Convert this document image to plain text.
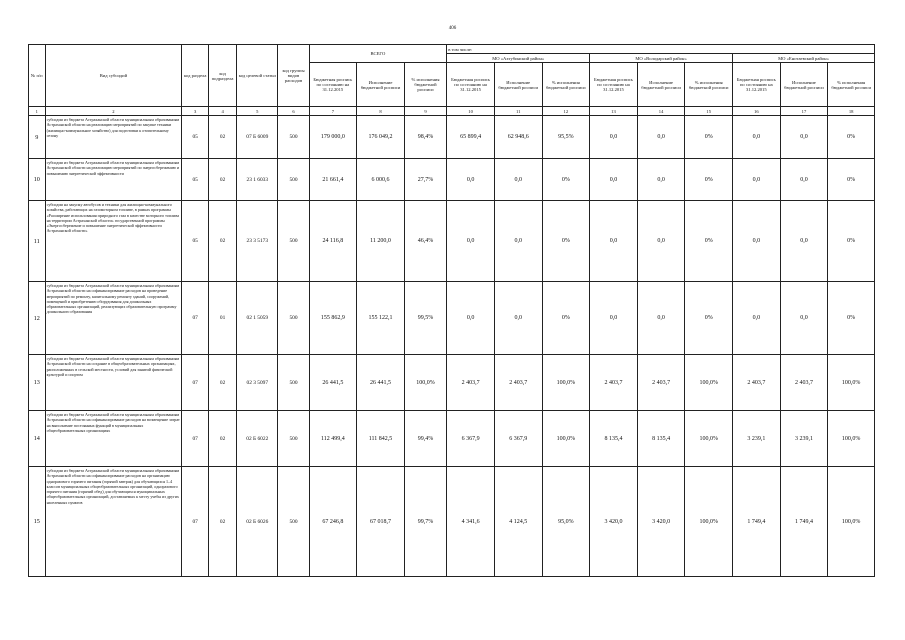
406
№ п/п	Вид субсидий	код раздела	код подраздела	код целевой статьи	код группы видов расходов	ВСЕГО			в том числе:								
									МО «Ахтубинский район»			МО «Володарский район»			МО «Енотаевский район»		
						Бюджетная роспись по состоянию на 31.12.2015	Исполнение бюджетной росписи	% исполнения бюджетной росписи	Бюджетная роспись по состоянию на 31.12.2015	Исполнение бюджетной росписи	% исполнения бюджетной росписи	Бюджетная роспись по состоянию на 31.12.2015	Исполнение бюджетной росписи	% исполнения бюджетной росписи	Бюджетная роспись по состоянию на 31.12.2015	Исполнение бюджетной росписи	% исполнения бюджетной росписи
1	2	3	4	5	6	7	8	9	10	11	12	13	14	15	16	17	18
9	субсидии из бюджета Астраханской области муниципальным образованиям Астраханской области на реализацию мероприятий по закупке техники (жилищно-коммунальное хозяйство) для подготовки к отопительному сезону	05	02	07 Б 6009	500	179 000,0	176 049,2	98,4%	65 899,4	62 948,6	95,5%	0,0	0,0	0%	0,0	0,0	0%
10	субсидии из бюджета Астраханской области муниципальным образованиям Астраханской области на реализацию мероприятий по энергосбережению и повышению энергетической эффективности	05	02	23 1 6033	500	21 661,4	6 000,6	27,7%	0,0	0,0	0%	0,0	0,0	0%	0,0	0,0	0%
11	субсидии на закупку автобусов и техники для жилищно-коммунального хозяйства, работающих на газомоторном топливе, в рамках программы «Расширение использования природного газа в качестве моторного топлива на территории Астраханской области» государственной программы «Энергосбережение и повышение энергетической эффективности Астраханской области»	05	02	23 3 5173	500	24 116,8	11 200,0	46,4%	0,0	0,0	0%	0,0	0,0	0%	0,0	0,0	0%
12	субсидии из бюджета Астраханской области муниципальным образованиям Астраханской области на софинансирование расходов на проведение мероприятий по ремонту, капитальному ремонту зданий, сооружений, помещений и приобретению оборудования для дошкольных образовательных организаций, реализующих образовательную программу дошкольного образования	07	01	02 1 5059	500	155 862,9	155 122,1	99,5%	0,0	0,0	0%	0,0	0,0	0%	0,0	0,0	0%
13	субсидии из бюджета Астраханской области муниципальным образованиям Астраханской области на создание в общеобразовательных организациях, расположенных в сельской местности, условий для занятий физической культурой и спортом	07	02	02 3 5097	500	26 441,5	26 441,5	100,0%	2 403,7	2 403,7	100,0%	2 403,7	2 403,7	100,0%	2 403,7	2 403,7	100,0%
14	субсидии из бюджета Астраханской области муниципальным образованиям Астраханской области на софинансирование расходов на возмещение затрат на выполнение постоянных функций в муниципальных общеобразовательных организациях	07	02	02 Б 6022	500	112 499,4	111 842,5	99,4%	6 367,9	6 367,9	100,0%	8 135,4	8 135,4	100,0%	3 239,1	3 239,1	100,0%
15	субсидии из бюджета Астраханской области муниципальным образованиям Астраханской области на софинансирование расходов на организацию одноразового горячего питания (горячий завтрак) для обучающихся 1–4 классов муниципальных общеобразовательных организаций, одноразового горячего питания (горячий обед) для обучающихся муниципальных общеобразовательных организаций, доставляемых к месту учебы из других населенных пунктов	07	02	02 Б 6026	500	67 246,8	67 018,7	99,7%	4 341,6	4 124,5	95,0%	3 420,0	3 420,0	100,0%	1 749,4	1 749,4	100,0%
